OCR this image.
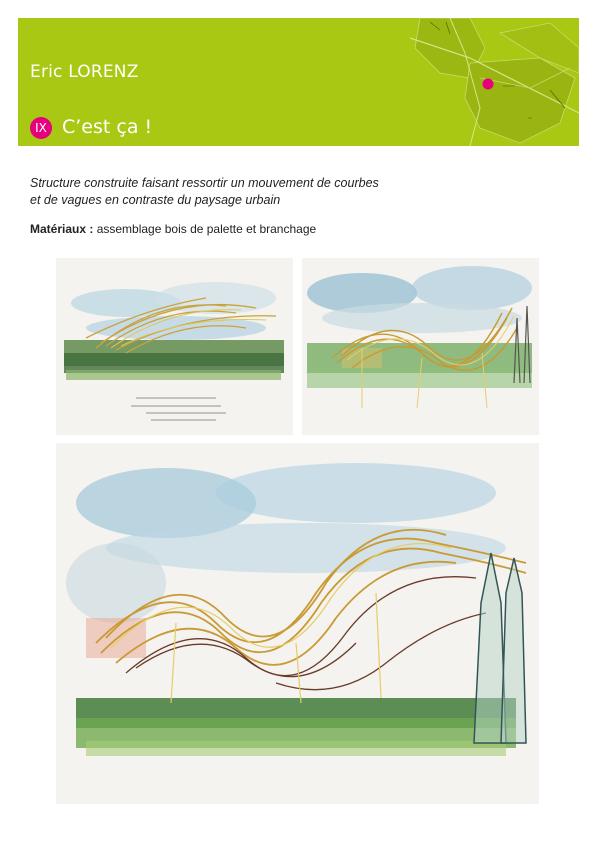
Eric LORENZ
IX C’est ça !
Structure construite faisant ressortir un mouvement de courbes
et de vagues en contraste du paysage urbain
Matériaux : assemblage bois de palette et branchage
